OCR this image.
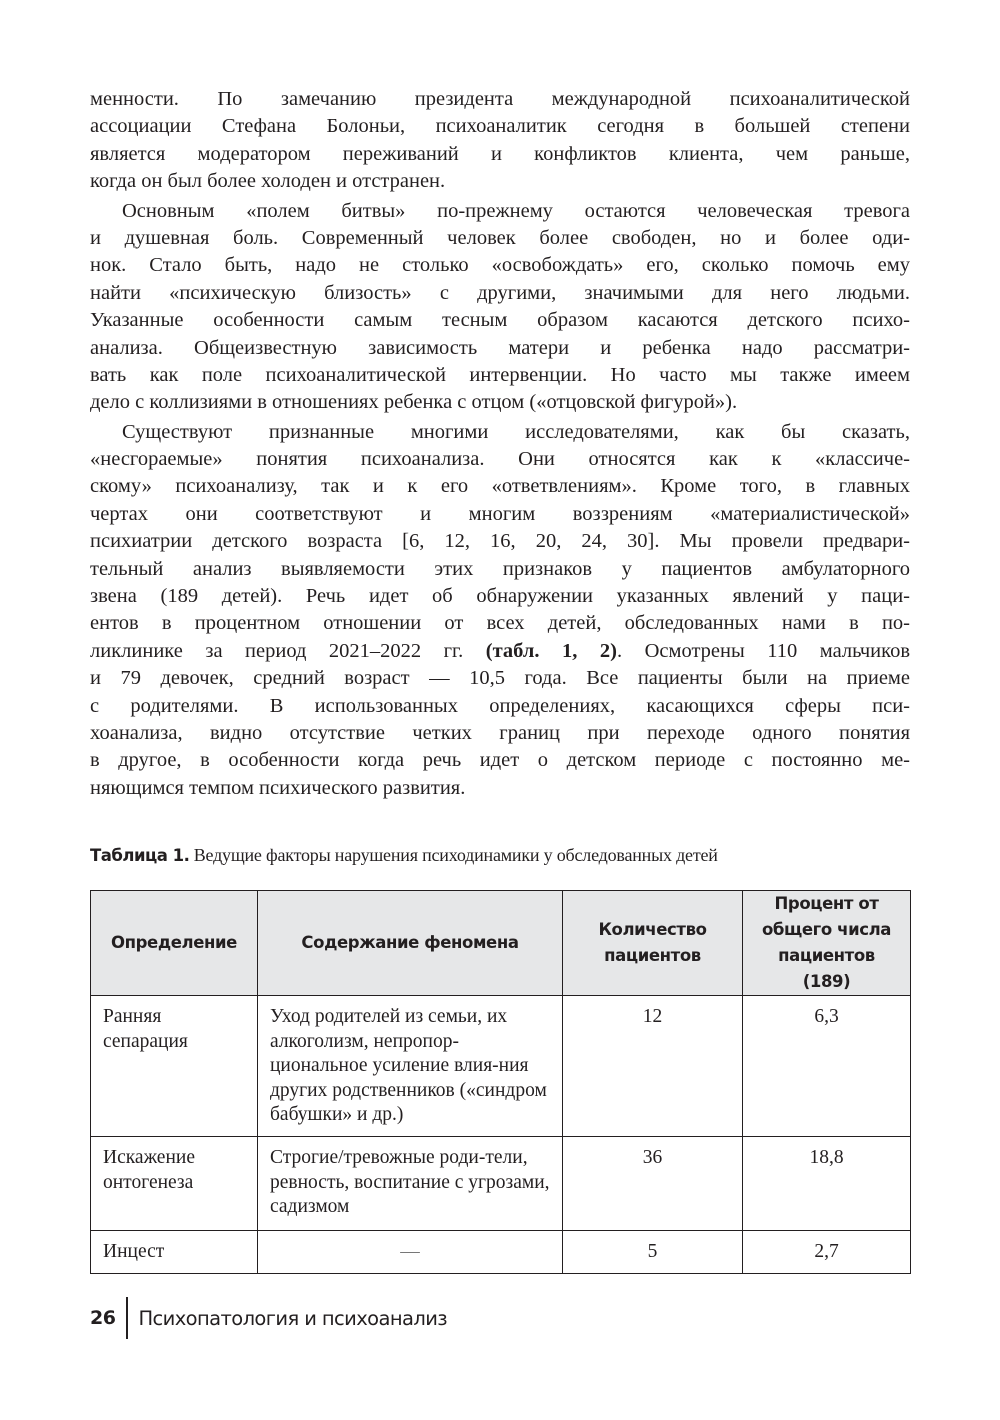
менности. По замечанию президента международной психоаналитической
ассоциации Стефана Болоньи, психоаналитик сегодня в большей степени
является модератором переживаний и конфликтов клиента, чем раньше,
когда он был более холоден и отстранен.
Основным «полем битвы» по-прежнему остаются человеческая тревога
и душевная боль. Современный человек более свободен, но и более оди-
нок. Стало быть, надо не столько «освобождать» его, сколько помочь ему
найти «психическую близость» с другими, значимыми для него людьми.
Указанные особенности самым тесным образом касаются детского психо-
анализа. Общеизвестную зависимость матери и ребенка надо рассматри-
вать как поле психоаналитической интервенции. Но часто мы также имеем
дело с коллизиями в отношениях ребенка с отцом («отцовской фигурой»).
Существуют признанные многими исследователями, как бы сказать,
«несгораемые» понятия психоанализа. Они относятся как к «классиче-
скому» психоанализу, так и к его «ответвлениям». Кроме того, в главных
чертах они соответствуют и многим воззрениям «материалистической»
психиатрии детского возраста [6, 12, 16, 20, 24, 30]. Мы провели предвари-
тельный анализ выявляемости этих признаков у пациентов амбулаторного
звена (189 детей). Речь идет об обнаружении указанных явлений у паци-
ентов в процентном отношении от всех детей, обследованных нами в по-
ликлинике за период 2021–2022 гг. (табл. 1, 2). Осмотрены 110 мальчиков
и 79 девочек, средний возраст — 10,5 года. Все пациенты были на приеме
с родителями. В использованных определениях, касающихся сферы пси-
хоанализа, видно отсутствие четких границ при переходе одного понятия
в другое, в особенности когда речь идет о детском периоде с постоянно ме-
няющимся темпом психического развития.
Таблица 1. Ведущие факторы нарушения психодинамики у обследованных детей
Определение	Содержание феномена	Количество пациентов	Процент от общего числа пациентов (189)
Ранняя сепарация	Уход родителей из семьи, их алкоголизм, непропор-циональное усиление влия-ния других родственников («синдром бабушки» и др.)	12	6,3
Искажение онтогенеза	Строгие/тревожные роди-тели, ревность, воспитание с угрозами, садизмом	36	18,8
Инцест	—	5	2,7
26 Психопатология и психоанализ
